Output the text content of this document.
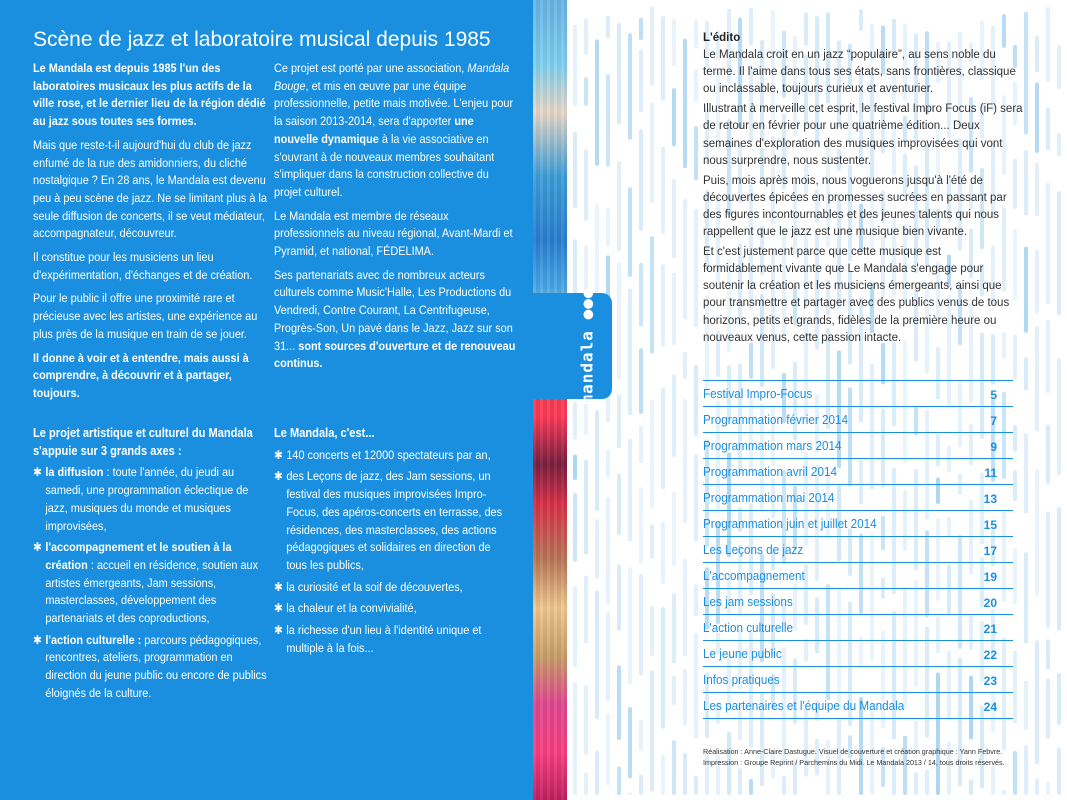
Scène de jazz et laboratoire musical depuis 1985

Le Mandala est depuis 1985 l'un des laboratoires musicaux les plus actifs de la ville rose, et le dernier lieu de la région dédié au jazz sous toutes ses formes.

Mais que reste-t-il aujourd'hui du club de jazz enfumé de la rue des amidonniers, du cliché nostalgique ? En 28 ans, le Mandala est devenu peu à peu scène de jazz. Ne se limitant plus à la seule diffusion de concerts, il se veut médiateur, accompagnateur, découvreur.

Il constitue pour les musiciens un lieu d'expérimentation, d'échanges et de création.

Pour le public il offre une proximité rare et précieuse avec les artistes, une expérience au plus près de la musique en train de se jouer.

Il donne à voir et à entendre, mais aussi à comprendre, à découvrir et à partager, toujours.

Ce projet est porté par une association, Mandala Bouge, et mis en œuvre par une équipe professionnelle, petite mais motivée. L'enjeu pour la saison 2013-2014, sera d'apporter une nouvelle dynamique à la vie associative en s'ouvrant à de nouveaux membres souhaitant s'impliquer dans la construction collective du projet culturel.

Le Mandala est membre de réseaux professionnels au niveau régional, Avant-Mardi et Pyramid, et national, FÉDELIMA.

Ses partenariats avec de nombreux acteurs culturels comme Music'Halle, Les Productions du Vendredi, Contre Courant, La Centrifugeuse, Progrès-Son, Un pavé dans le Jazz, Jazz sur son 31... sont sources d'ouverture et de renouveau continus.

Le projet artistique et culturel du Mandala s'appuie sur 3 grands axes :
✱ la diffusion : toute l'année, du jeudi au samedi, une programmation éclectique de jazz, musiques du monde et musiques improvisées,
✱ l'accompagnement et le soutien à la création : accueil en résidence, soutien aux artistes émergeants, Jam sessions, masterclasses, développement des partenariats et des coproductions,
✱ l'action culturelle : parcours pédagogiques, rencontres, ateliers, programmation en direction du jeune public ou encore de publics éloignés de la culture.
Le Mandala, c'est...
✱ 140 concerts et 12000 spectateurs par an,
✱ des Leçons de jazz, des Jam sessions, un festival des musiques improvisées Impro-Focus, des apéros-concerts en terrasse, des résidences, des masterclasses, des actions pédagogiques et solidaires en direction de tous les publics,
✱ la curiosité et la soif de découvertes,
✱ la chaleur et la convivialité,
✱ la richesse d'un lieu à l'identité unique et multiple à la fois...
mandala ●●●
L'édito

Le Mandala croit en un jazz “populaire”, au sens noble du terme. Il l'aime dans tous ses états, sans frontières, classique ou inclassable, toujours curieux et aventurier.

Illustrant à merveille cet esprit, le festival Impro Focus (iF) sera de retour en février pour une quatrième édition... Deux semaines d'exploration des musiques improvisées qui vont nous surprendre, nous sustenter.

Puis, mois après mois, nous voguerons jusqu'à l'été de découvertes épicées en promesses sucrées en passant par des figures incontournables et des jeunes talents qui nous rappellent que le jazz est une musique bien vivante.

Et c'est justement parce que cette musique est formidablement vivante que Le Mandala s'engage pour soutenir la création et les musiciens émergeants, ainsi que pour transmettre et partager avec des publics venus de tous horizons, petits et grands, fidèles de la première heure ou nouveaux venus, cette passion intacte.

Festival Impro-Focus	5
Programmation février 2014	7
Programmation mars 2014	9
Programmation avril 2014	11
Programmation mai 2014	13
Programmation juin et juillet 2014	15
Les Leçons de jazz	17
L'accompagnement	19
Les jam sessions	20
L'action culturelle	21
Le jeune public	22
Infos pratiques	23
Les partenaires et l'équipe du Mandala	24

Réalisation : Anne-Claire Dastugue. Visuel de couverture et création graphique : Yann Febvre.

Impression : Groupe Reprint / Parchemins du Midi. Le Mandala 2013 / 14, tous droits réservés.
